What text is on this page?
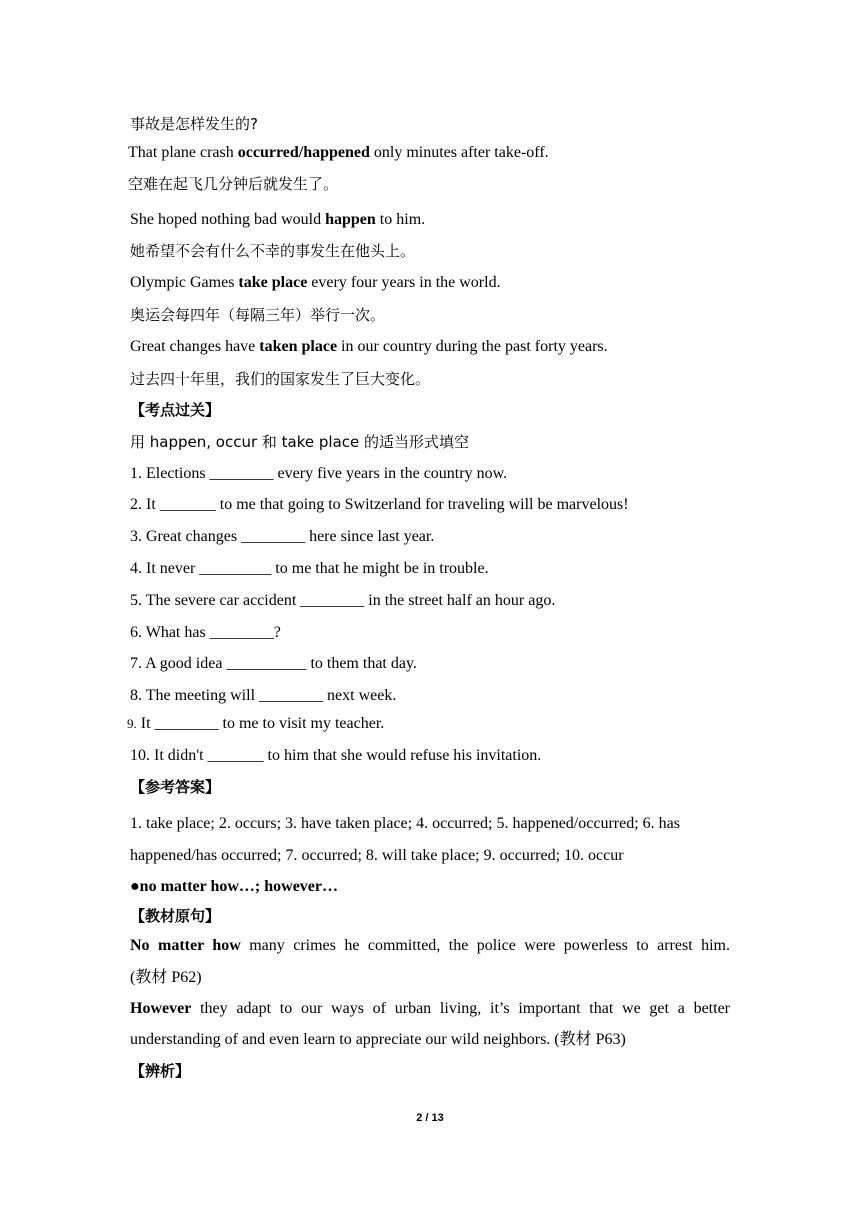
事故是怎样发生的?
That plane crash occurred/happened only minutes after take-off.
空难在起飞几分钟后就发生了。
She hoped nothing bad would happen to him.
她希望不会有什么不幸的事发生在他头上。
Olympic Games take place every four years in the world.
奥运会每四年（每隔三年）举行一次。
Great changes have taken place in our country during the past forty years.
过去四十年里，我们的国家发生了巨大变化。
【考点过关】
用 happen, occur 和 take place 的适当形式填空
1. Elections ________ every five years in the country now.
2. It _______ to me that going to Switzerland for traveling will be marvelous!
3. Great changes ________ here since last year.
4. It never _________ to me that he might be in trouble.
5. The severe car accident ________ in the street half an hour ago.
6. What has ________?
7. A good idea __________ to them that day.
8. The meeting will ________ next week.
9. It ________ to me to visit my teacher.
10. It didn't _______ to him that she would refuse his invitation.
【参考答案】
1. take place; 2. occurs; 3. have taken place; 4. occurred; 5. happened/occurred; 6. has
happened/has occurred; 7. occurred; 8. will take place; 9. occurred; 10. occur
●no matter how…; however…
【教材原句】
No matter how many crimes he committed, the police were powerless to arrest him.
(教材 P62)
However they adapt to our ways of urban living, it’s important that we get a better
understanding of and even learn to appreciate our wild neighbors. (教材 P63)
【辨析】
2 / 13
